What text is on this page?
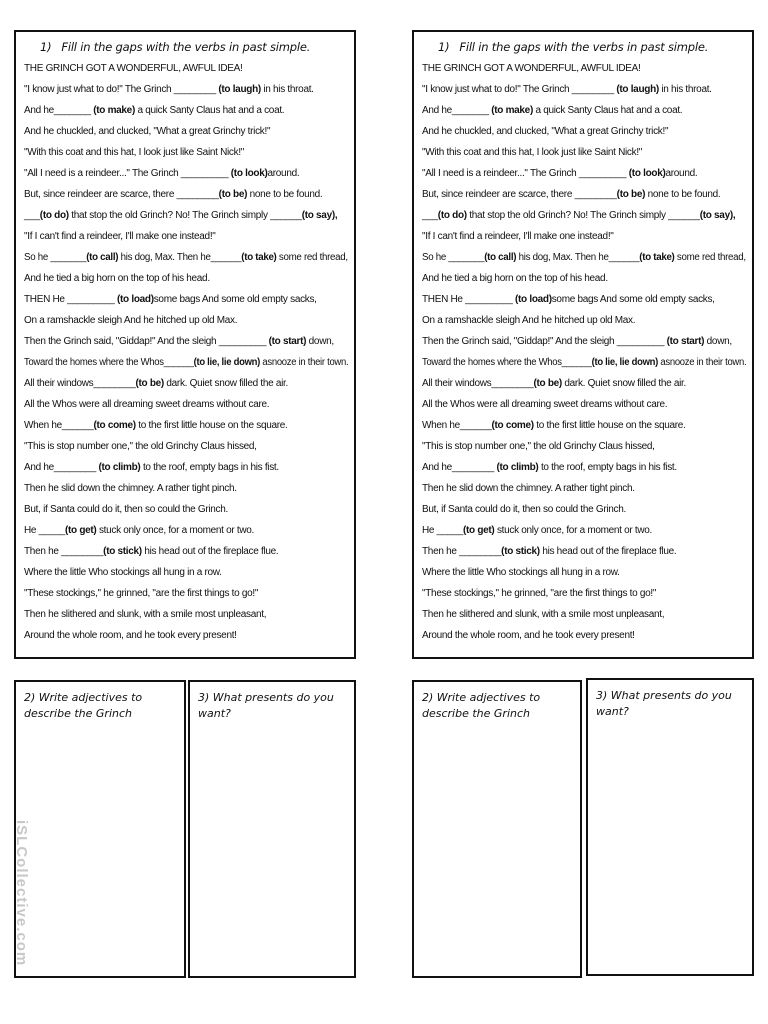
1) Fill in the gaps with the verbs in past simple.
THE GRINCH GOT A WONDERFUL, AWFUL IDEA!
"I know just what to do!" The Grinch ________ (to laugh) in his throat.
And he_______ (to make) a quick Santy Claus hat and a coat.
And he chuckled, and clucked, "What a great Grinchy trick!"
"With this coat and this hat, I look just like Saint Nick!"
"All I need is a reindeer..." The Grinch _________ (to look)around.
But, since reindeer are scarce, there ________(to be) none to be found.
___(to do) that stop the old Grinch? No! The Grinch simply ______(to say),
"If I can't find a reindeer, I'll make one instead!"
So he _______(to call) his dog, Max. Then he______(to take) some red thread,
And he tied a big horn on the top of his head.
THEN He _________ (to load)some bags And some old empty sacks,
On a ramshackle sleigh And he hitched up old Max.
Then the Grinch said, "Giddap!" And the sleigh _________ (to start) down,
Toward the homes where the Whos______(to lie, lie down) asnooze in their town.
All their windows________(to be) dark. Quiet snow filled the air.
All the Whos were all dreaming sweet dreams without care.
When he______(to come) to the first little house on the square.
"This is stop number one," the old Grinchy Claus hissed,
And he________ (to climb) to the roof, empty bags in his fist.
Then he slid down the chimney. A rather tight pinch.
But, if Santa could do it, then so could the Grinch.
He _____(to get) stuck only once, for a moment or two.
Then he ________(to stick) his head out of the fireplace flue.
Where the little Who stockings all hung in a row.
"These stockings," he grinned, "are the first things to go!"
Then he slithered and slunk, with a smile most unpleasant,
Around the whole room, and he took every present!
2) Write adjectives to describe the Grinch
3) What presents do you want?
1) Fill in the gaps with the verbs in past simple.
THE GRINCH GOT A WONDERFUL, AWFUL IDEA!
"I know just what to do!" The Grinch ________ (to laugh) in his throat.
And he_______ (to make) a quick Santy Claus hat and a coat.
And he chuckled, and clucked, "What a great Grinchy trick!"
"With this coat and this hat, I look just like Saint Nick!"
"All I need is a reindeer..." The Grinch _________ (to look)around.
But, since reindeer are scarce, there ________(to be) none to be found.
___(to do) that stop the old Grinch? No! The Grinch simply ______(to say),
"If I can't find a reindeer, I'll make one instead!"
So he _______(to call) his dog, Max. Then he______(to take) some red thread,
And he tied a big horn on the top of his head.
THEN He _________ (to load)some bags And some old empty sacks,
On a ramshackle sleigh And he hitched up old Max.
Then the Grinch said, "Giddap!" And the sleigh _________ (to start) down,
Toward the homes where the Whos______(to lie, lie down) asnooze in their town.
All their windows________(to be) dark. Quiet snow filled the air.
All the Whos were all dreaming sweet dreams without care.
When he______(to come) to the first little house on the square.
"This is stop number one," the old Grinchy Claus hissed,
And he________ (to climb) to the roof, empty bags in his fist.
Then he slid down the chimney. A rather tight pinch.
But, if Santa could do it, then so could the Grinch.
He _____(to get) stuck only once, for a moment or two.
Then he ________(to stick) his head out of the fireplace flue.
Where the little Who stockings all hung in a row.
"These stockings," he grinned, "are the first things to go!"
Then he slithered and slunk, with a smile most unpleasant,
Around the whole room, and he took every present!
2) Write adjectives to describe the Grinch
3) What presents do you want?
iSLCollective.com
